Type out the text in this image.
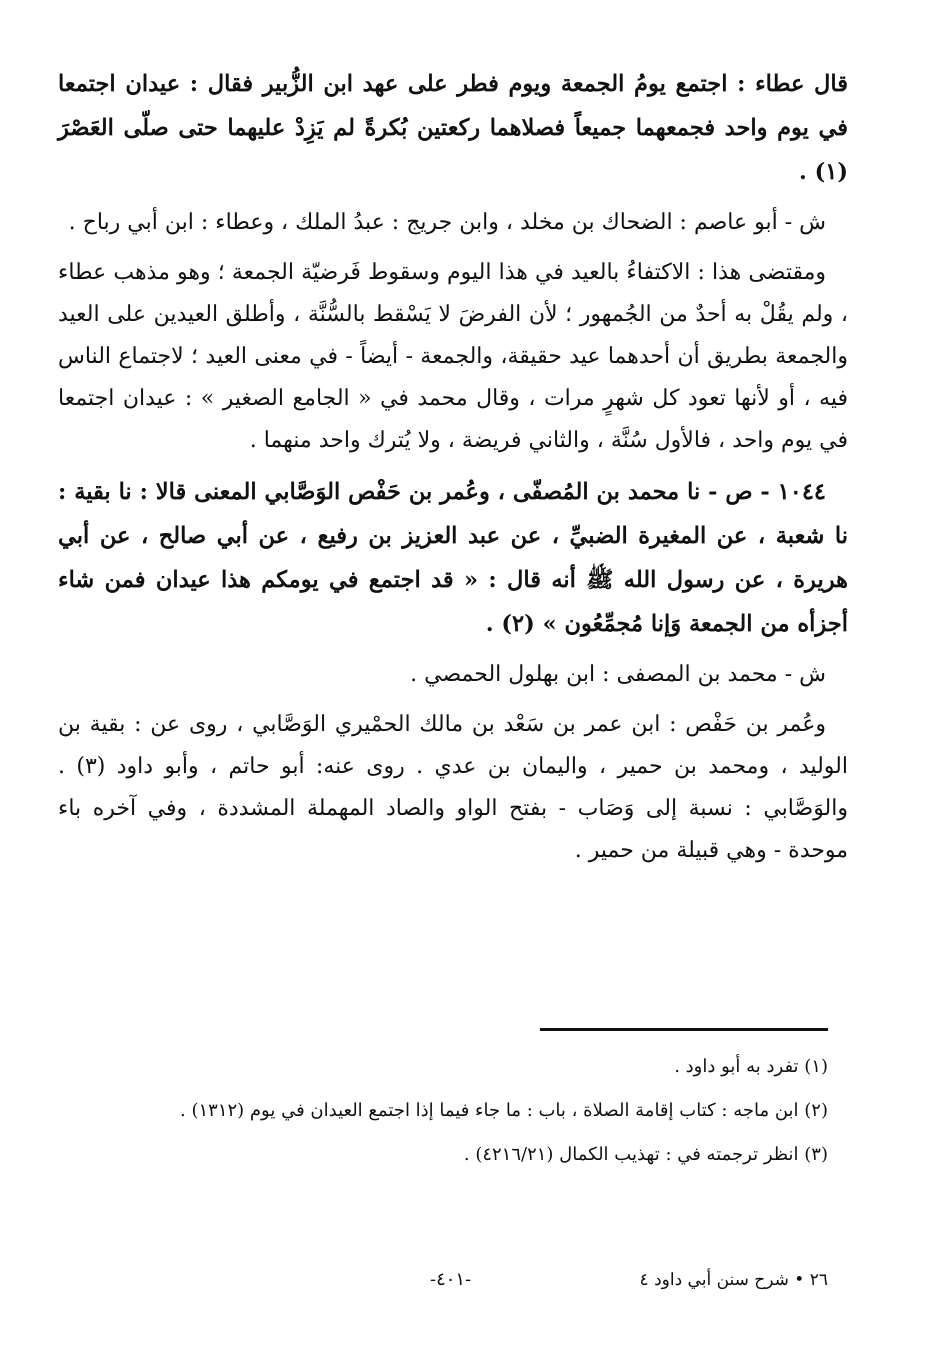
قال عطاء : اجتمع يومُ الجمعة ويوم فطر على عهد ابن الزُّبير فقال : عيدان اجتمعا في يوم واحد فجمعهما جميعاً فصلاهما ركعتين بُكرةً لم يَزِدْ عليهما حتى صلّى العَصْرَ (١) .

ش - أبو عاصم : الضحاك بن مخلد ، وابن جريج : عبدُ الملك ، وعطاء : ابن أبي رباح .

ومقتضى هذا : الاكتفاءُ بالعيد في هذا اليوم وسقوط فَرضيّة الجمعة ؛ وهو مذهب عطاء ، ولم يقُلْ به أحدٌ من الجُمهور ؛ لأن الفرضَ لا يَسْقط بالسُّنَّة ، وأطلق العيدين على العيد والجمعة بطريق أن أحدهما عيد حقيقة، والجمعة - أيضاً - في معنى العيد ؛ لاجتماع الناس فيه ، أو لأنها تعود كل شهرٍ مرات ، وقال محمد في « الجامع الصغير » : عيدان اجتمعا في يوم واحد ، فالأول سُنَّة ، والثاني فريضة ، ولا يُترك واحد منهما .

١٠٤٤ - ص - نا محمد بن المُصفّى ، وعُمر بن حَفْص الوَصَّابي المعنى قالا : نا بقية : نا شعبة ، عن المغيرة الضبيِّ ، عن عبد العزيز بن رفيع ، عن أبي صالح ، عن أبي هريرة ، عن رسول الله ﷺ أنه قال : « قد اجتمع في يومكم هذا عيدان فمن شاء أجزأه من الجمعة وَإنا مُجمِّعُون » (٢) .

ش - محمد بن المصفى : ابن بهلول الحمصي .

وعُمر بن حَفْص : ابن عمر بن سَعْد بن مالك الحمْيري الوَصَّابي ، روى عن : بقية بن الوليد ، ومحمد بن حمير ، واليمان بن عدي . روى عنه: أبو حاتم ، وأبو داود (٣) . والوَصَّابي : نسبة إلى وَصَاب - بفتح الواو والصاد المهملة المشددة ، وفي آخره باء موحدة - وهي قبيلة من حمير .

(١) تفرد به أبو داود .

(٢) ابن ماجه : كتاب إقامة الصلاة ، باب : ما جاء فيما إذا اجتمع العيدان في يوم (١٣١٢) .

(٣) انظر ترجمته في : تهذيب الكمال (٤٢١٦/٢١) .

٢٦ • شرح سنن أبي داود ٤
-٤٠١-
